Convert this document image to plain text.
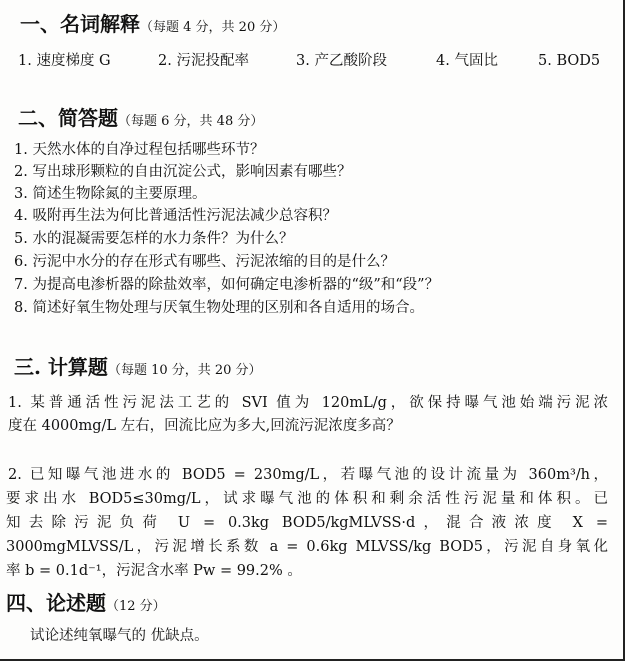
一、名词解释（每题 4 分，共 20 分）
1. 速度梯度 G	2. 污泥投配率	3. 产乙酸阶段	4. 气固比	5. BOD5
二、简答题（每题 6 分，共 48 分）
1. 天然水体的自净过程包括哪些环节？
2. 写出球形颗粒的自由沉淀公式，影响因素有哪些？
3. 简述生物除氮的主要原理。
4. 吸附再生法为何比普通活性污泥法减少总容积？
5. 水的混凝需要怎样的水力条件？为什么？
6. 污泥中水分的存在形式有哪些、污泥浓缩的目的是什么？
7. 为提高电渗析器的除盐效率，如何确定电渗析器的“级”和“段”？
8. 简述好氧生物处理与厌氧生物处理的区别和各自适用的场合。
三. 计算题（每题 10 分，共 20 分）
1. 某普通活性污泥法工艺的 SVI 值为 120mL/g，欲保持曝气池始端污泥浓
度在 4000mg/L 左右，回流比应为多大,回流污泥浓度多高？
2. 已知曝气池进水的 BOD5 = 230mg/L，若曝气池的设计流量为 360m³/h，
要求出水 BOD5≤30mg/L，试求曝气池的体积和剩余活性污泥量和体积。已
知去除污泥负荷 U = 0.3kg BOD5/kgMLVSS·d，混合液浓度 X =
3000mgMLVSS/L，污泥增长系数 a = 0.6kg MLVSS/kg BOD5，污泥自身氧化
率 b = 0.1d⁻¹，污泥含水率 Pw = 99.2% 。
四、论述题（12 分）
试论述纯氧曝气的 优缺点。
